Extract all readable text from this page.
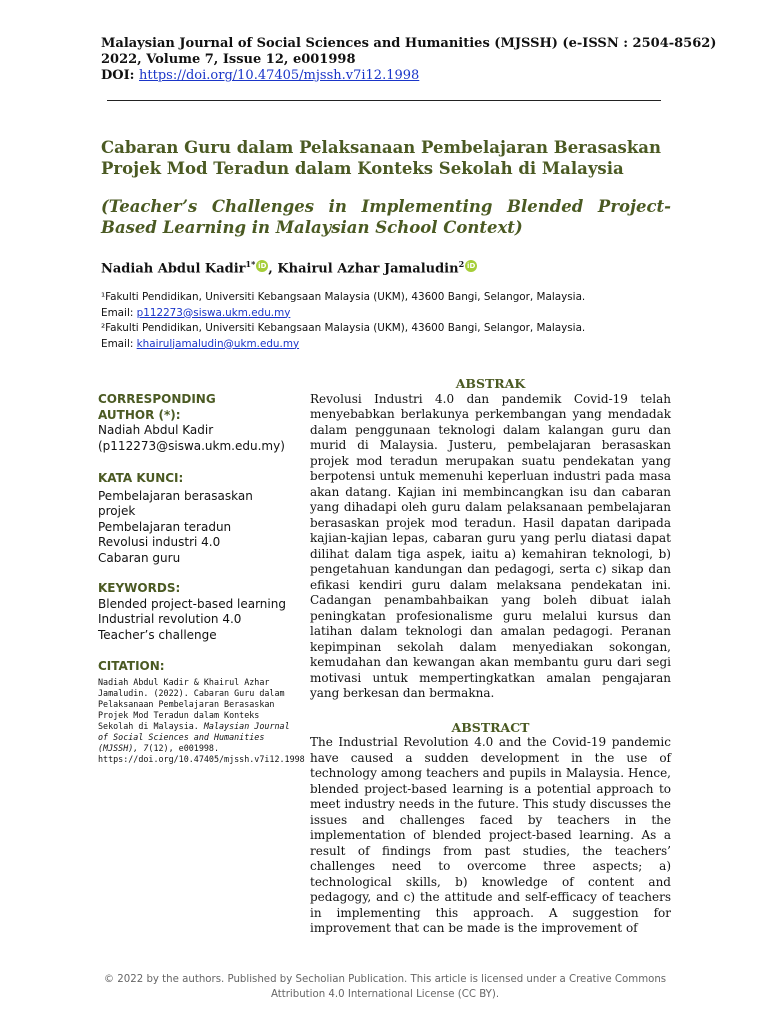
Malaysian Journal of Social Sciences and Humanities (MJSSH) (e-ISSN : 2504-8562)
2022, Volume 7, Issue 12, e001998
DOI: https://doi.org/10.47405/mjssh.v7i12.1998
Cabaran Guru dalam Pelaksanaan Pembelajaran Berasaskan Projek Mod Teradun dalam Konteks Sekolah di Malaysia
(Teacher’s Challenges in Implementing Blended Project-Based Learning in Malaysian School Context)
Nadiah Abdul Kadir$^{1*}$ iD , Khairul Azhar Jamaludin$^2$ iD
¹Fakulti Pendidikan, Universiti Kebangsaan Malaysia (UKM), 43600 Bangi, Selangor, Malaysia.
Email: p112273@siswa.ukm.edu.my
²Fakulti Pendidikan, Universiti Kebangsaan Malaysia (UKM), 43600 Bangi, Selangor, Malaysia.
Email: khairuljamaludin@ukm.edu.my
CORRESPONDING
AUTHOR (*):
Nadiah Abdul Kadir
(p112273@siswa.ukm.edu.my)
KATA KUNCI:
Pembelajaran berasaskan projek
Pembelajaran teradun
Revolusi industri 4.0
Cabaran guru
KEYWORDS:
Blended project-based learning
Industrial revolution 4.0
Teacher’s challenge
CITATION:
Nadiah Abdul Kadir & Khairul Azhar Jamaludin. (2022). Cabaran Guru dalam Pelaksanaan Pembelajaran Berasaskan Projek Mod Teradun dalam Konteks Sekolah di Malaysia. Malaysian Journal of Social Sciences and Humanities (MJSSH), 7(12), e001998.
https://doi.org/10.47405/mjssh.v7i12.1998
ABSTRAK
Revolusi Industri 4.0 dan pandemik Covid-19 telah menyebabkan berlakunya perkembangan yang mendadak dalam penggunaan teknologi dalam kalangan guru dan murid di Malaysia. Justeru, pembelajaran berasaskan projek mod teradun merupakan suatu pendekatan yang berpotensi untuk memenuhi keperluan industri pada masa akan datang. Kajian ini membincangkan isu dan cabaran yang dihadapi oleh guru dalam pelaksanaan pembelajaran berasaskan projek mod teradun. Hasil dapatan daripada kajian-kajian lepas, cabaran guru yang perlu diatasi dapat dilihat dalam tiga aspek, iaitu a) kemahiran teknologi, b) pengetahuan kandungan dan pedagogi, serta c) sikap dan efikasi kendiri guru dalam melaksana pendekatan ini. Cadangan penambahbaikan yang boleh dibuat ialah peningkatan profesionalisme guru melalui kursus dan latihan dalam teknologi dan amalan pedagogi. Peranan kepimpinan sekolah dalam menyediakan sokongan, kemudahan dan kewangan akan membantu guru dari segi motivasi untuk mempertingkatkan amalan pengajaran yang berkesan dan bermakna.
ABSTRACT
The Industrial Revolution 4.0 and the Covid-19 pandemic have caused a sudden development in the use of technology among teachers and pupils in Malaysia. Hence, blended project-based learning is a potential approach to meet industry needs in the future. This study discusses the issues and challenges faced by teachers in the implementation of blended project-based learning. As a result of findings from past studies, the teachers’ challenges need to overcome three aspects; a) technological skills, b) knowledge of content and pedagogy, and c) the attitude and self-efficacy of teachers in implementing this approach. A suggestion for improvement that can be made is the improvement of
© 2022 by the authors. Published by Secholian Publication. This article is licensed under a Creative Commons Attribution 4.0 International License (CC BY).
